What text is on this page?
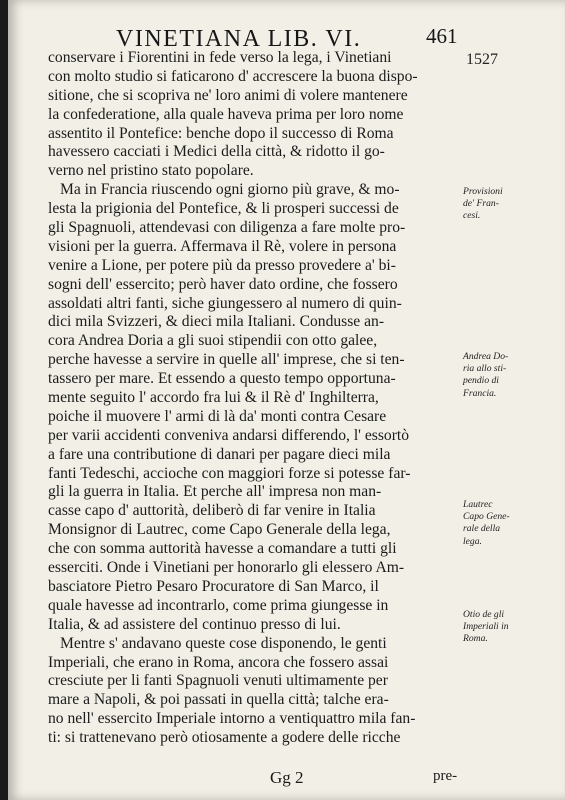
VINETIANA LIB. VI.	461
1527
conservare i Fiorentini in fede verso la lega, i Vinetiani
con molto studio si faticarono d' accrescere la buona dispo-
sitione, che si scopriva ne' loro animi di volere mantenere
la confederatione, alla quale haveva prima per loro nome
assentito il Pontefice: benche dopo il successo di Roma
havessero cacciati i Medici della città, & ridotto il go-
verno nel pristino stato popolare.
Ma in Francia riuscendo ogni giorno più grave, & mo-
lesta la prigionia del Pontefice, & li prosperi successi de
gli Spagnuoli, attendevasi con diligenza a fare molte pro-
visioni per la guerra. Affermava il Rè, volere in persona
venire a Lione, per potere più da presso provedere a' bi-
sogni dell' essercito; però haver dato ordine, che fossero
assoldati altri fanti, siche giungessero al numero di quin-
dici mila Svizzeri, & dieci mila Italiani. Condusse an-
cora Andrea Doria a gli suoi stipendii con otto galee,
perche havesse a servire in quelle all' imprese, che si ten-
tassero per mare. Et essendo a questo tempo opportuna-
mente seguito l' accordo fra lui & il Rè d' Inghilterra,
poiche il muovere l' armi di là da' monti contra Cesare
per varii accidenti conveniva andarsi differendo, l' essortò
a fare una contributione di danari per pagare dieci mila
fanti Tedeschi, accioche con maggiori forze si potesse far-
gli la guerra in Italia. Et perche all' impresa non man-
casse capo d' auttorità, deliberò di far venire in Italia
Monsignor di Lautrec, come Capo Generale della lega,
che con somma auttorità havesse a comandare a tutti gli
esserciti. Onde i Vinetiani per honorarlo gli elessero Am-
basciatore Pietro Pesaro Procuratore di San Marco, il
quale havesse ad incontrarlo, come prima giungesse in
Italia, & ad assistere del continuo presso di lui.
Mentre s' andavano queste cose disponendo, le genti
Imperiali, che erano in Roma, ancora che fossero assai
cresciute per li fanti Spagnuoli venuti ultimamente per
mare a Napoli, & poi passati in quella città; talche era-
no nell' essercito Imperiale intorno a ventiquattro mila fan-
ti: si trattenevano però otiosamente a godere delle ricche
Provisioni
de' Fran-
cesi.
Andrea Do-
ria allo sti-
pendio di
Francia.
Lautrec
Capo Gene-
rale della
lega.
Otio de gli
Imperiali in
Roma.
Gg 2	pre-
